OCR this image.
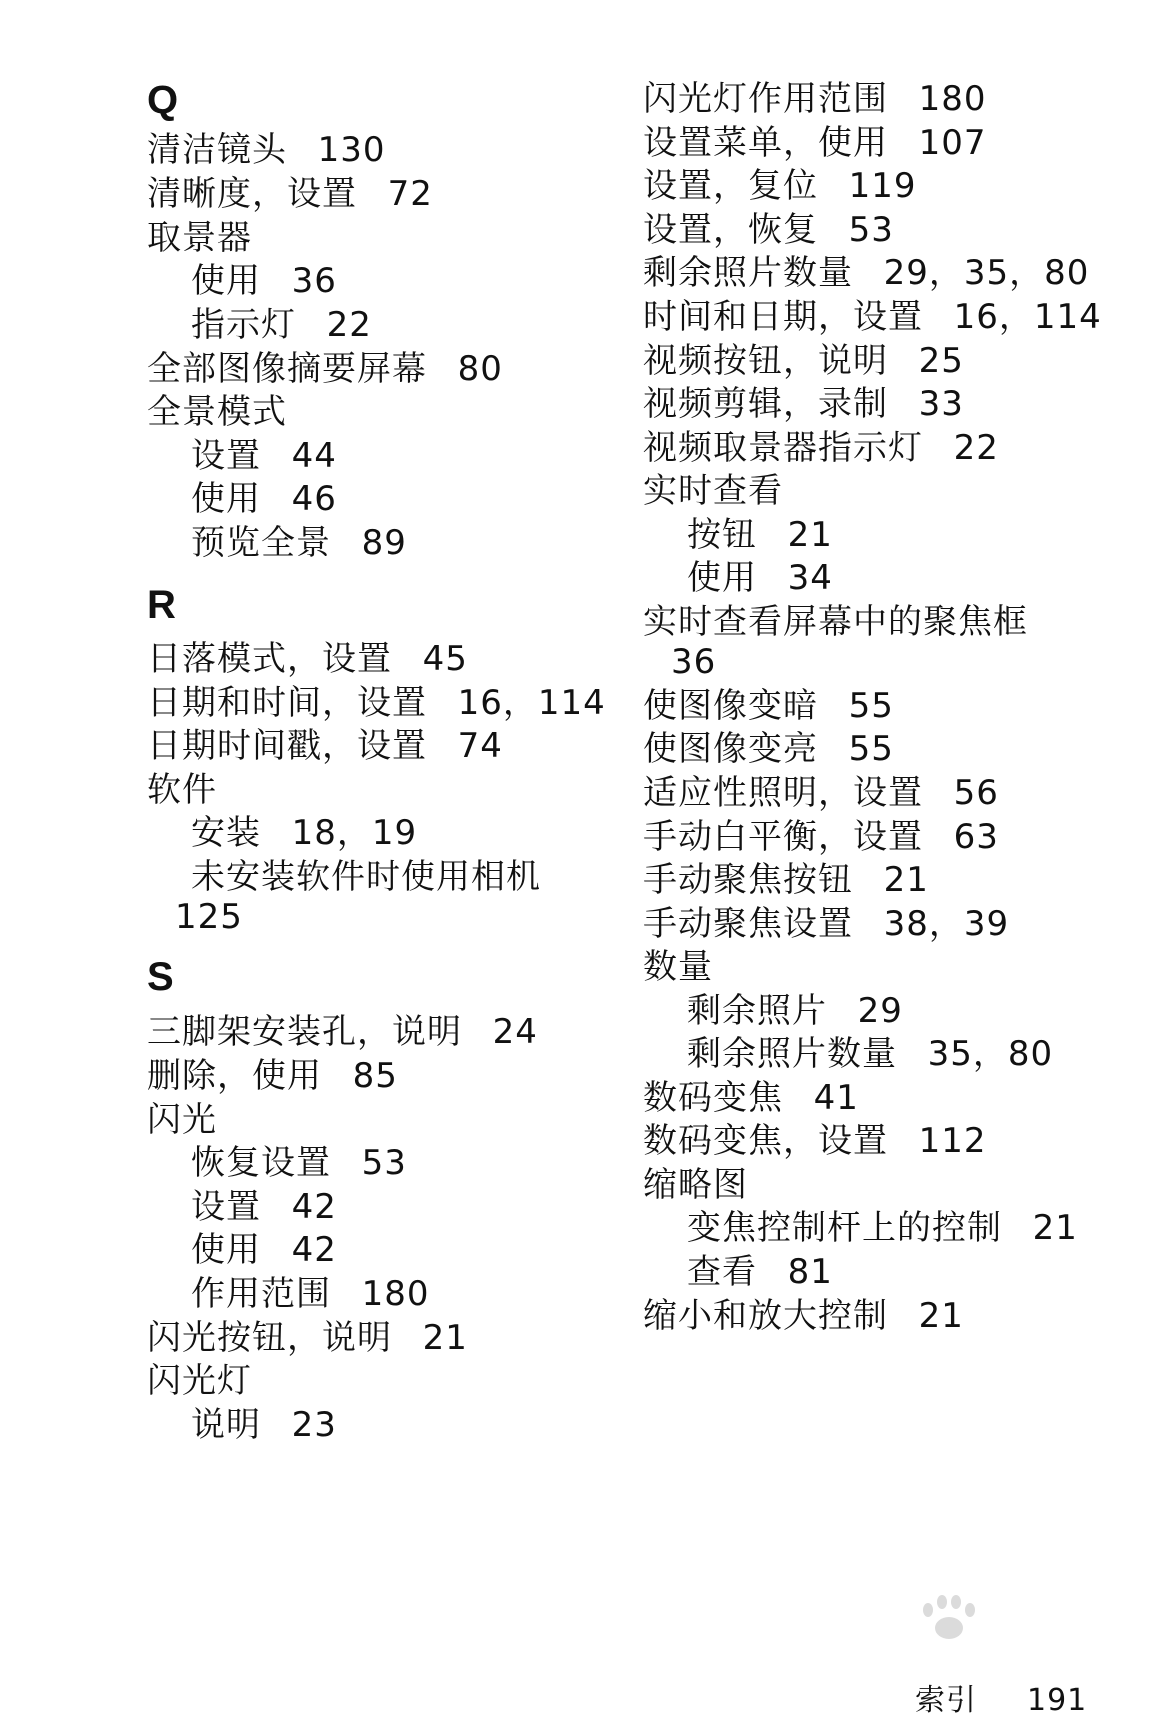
Q
清洁镜头 130
清晰度，设置 72
取景器
使用 36
指示灯 22
全部图像摘要屏幕 80
全景模式
设置 44
使用 46
预览全景 89
R
日落模式，设置 45
日期和时间，设置 16，114
日期时间戳，设置 74
软件
安装 18，19
未安装软件时使用相机
125
S
三脚架安装孔，说明 24
删除，使用 85
闪光
恢复设置 53
设置 42
使用 42
作用范围 180
闪光按钮，说明 21
闪光灯
说明 23
闪光灯作用范围 180
设置菜单，使用 107
设置，复位 119
设置，恢复 53
剩余照片数量 29，35，80
时间和日期，设置 16，114
视频按钮，说明 25
视频剪辑，录制 33
视频取景器指示灯 22
实时查看
按钮 21
使用 34
实时查看屏幕中的聚焦框
36
使图像变暗 55
使图像变亮 55
适应性照明，设置 56
手动白平衡，设置 63
手动聚焦按钮 21
手动聚焦设置 38，39
数量
剩余照片 29
剩余照片数量 35，80
数码变焦 41
数码变焦，设置 112
缩略图
变焦控制杆上的控制 21
查看 81
缩小和放大控制 21
索引 191
